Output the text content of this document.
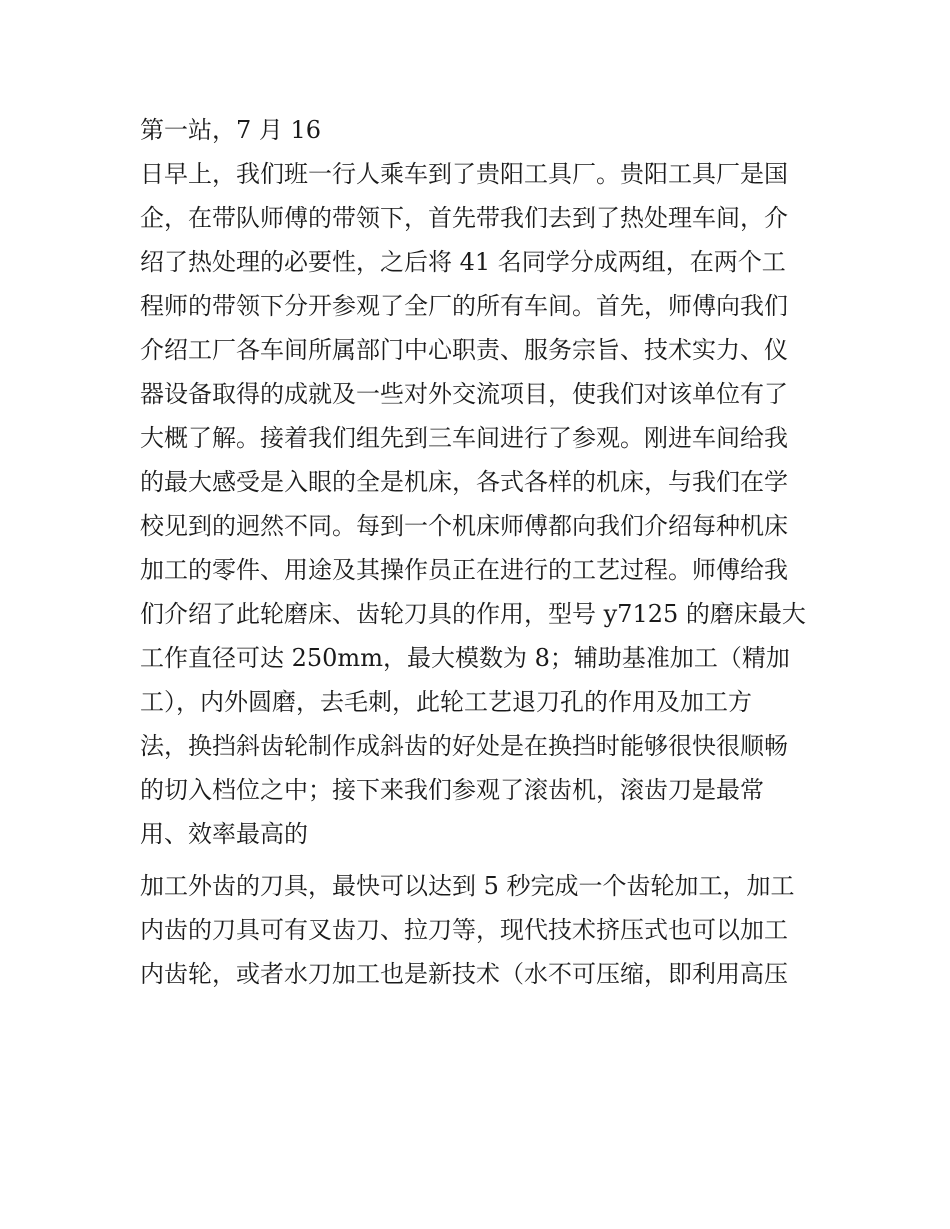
第一站，7 月 16
日早上，我们班一行人乘车到了贵阳工具厂。贵阳工具厂是国
企，在带队师傅的带领下，首先带我们去到了热处理车间，介
绍了热处理的必要性，之后将 41 名同学分成两组，在两个工
程师的带领下分开参观了全厂的所有车间。首先，师傅向我们
介绍工厂各车间所属部门中心职责、服务宗旨、技术实力、仪
器设备取得的成就及一些对外交流项目，使我们对该单位有了
大概了解。接着我们组先到三车间进行了参观。刚进车间给我
的最大感受是入眼的全是机床，各式各样的机床，与我们在学
校见到的迥然不同。每到一个机床师傅都向我们介绍每种机床
加工的零件、用途及其操作员正在进行的工艺过程。师傅给我
们介绍了此轮磨床、齿轮刀具的作用，型号 y7125 的磨床最大
工作直径可达 250mm，最大模数为 8；辅助基准加工（精加
工），内外圆磨，去毛刺，此轮工艺退刀孔的作用及加工方
法，换挡斜齿轮制作成斜齿的好处是在换挡时能够很快很顺畅
的切入档位之中；接下来我们参观了滚齿机，滚齿刀是最常
用、效率最高的
加工外齿的刀具，最快可以达到 5 秒完成一个齿轮加工，加工
内齿的刀具可有叉齿刀、拉刀等，现代技术挤压式也可以加工
内齿轮，或者水刀加工也是新技术（水不可压缩，即利用高压
